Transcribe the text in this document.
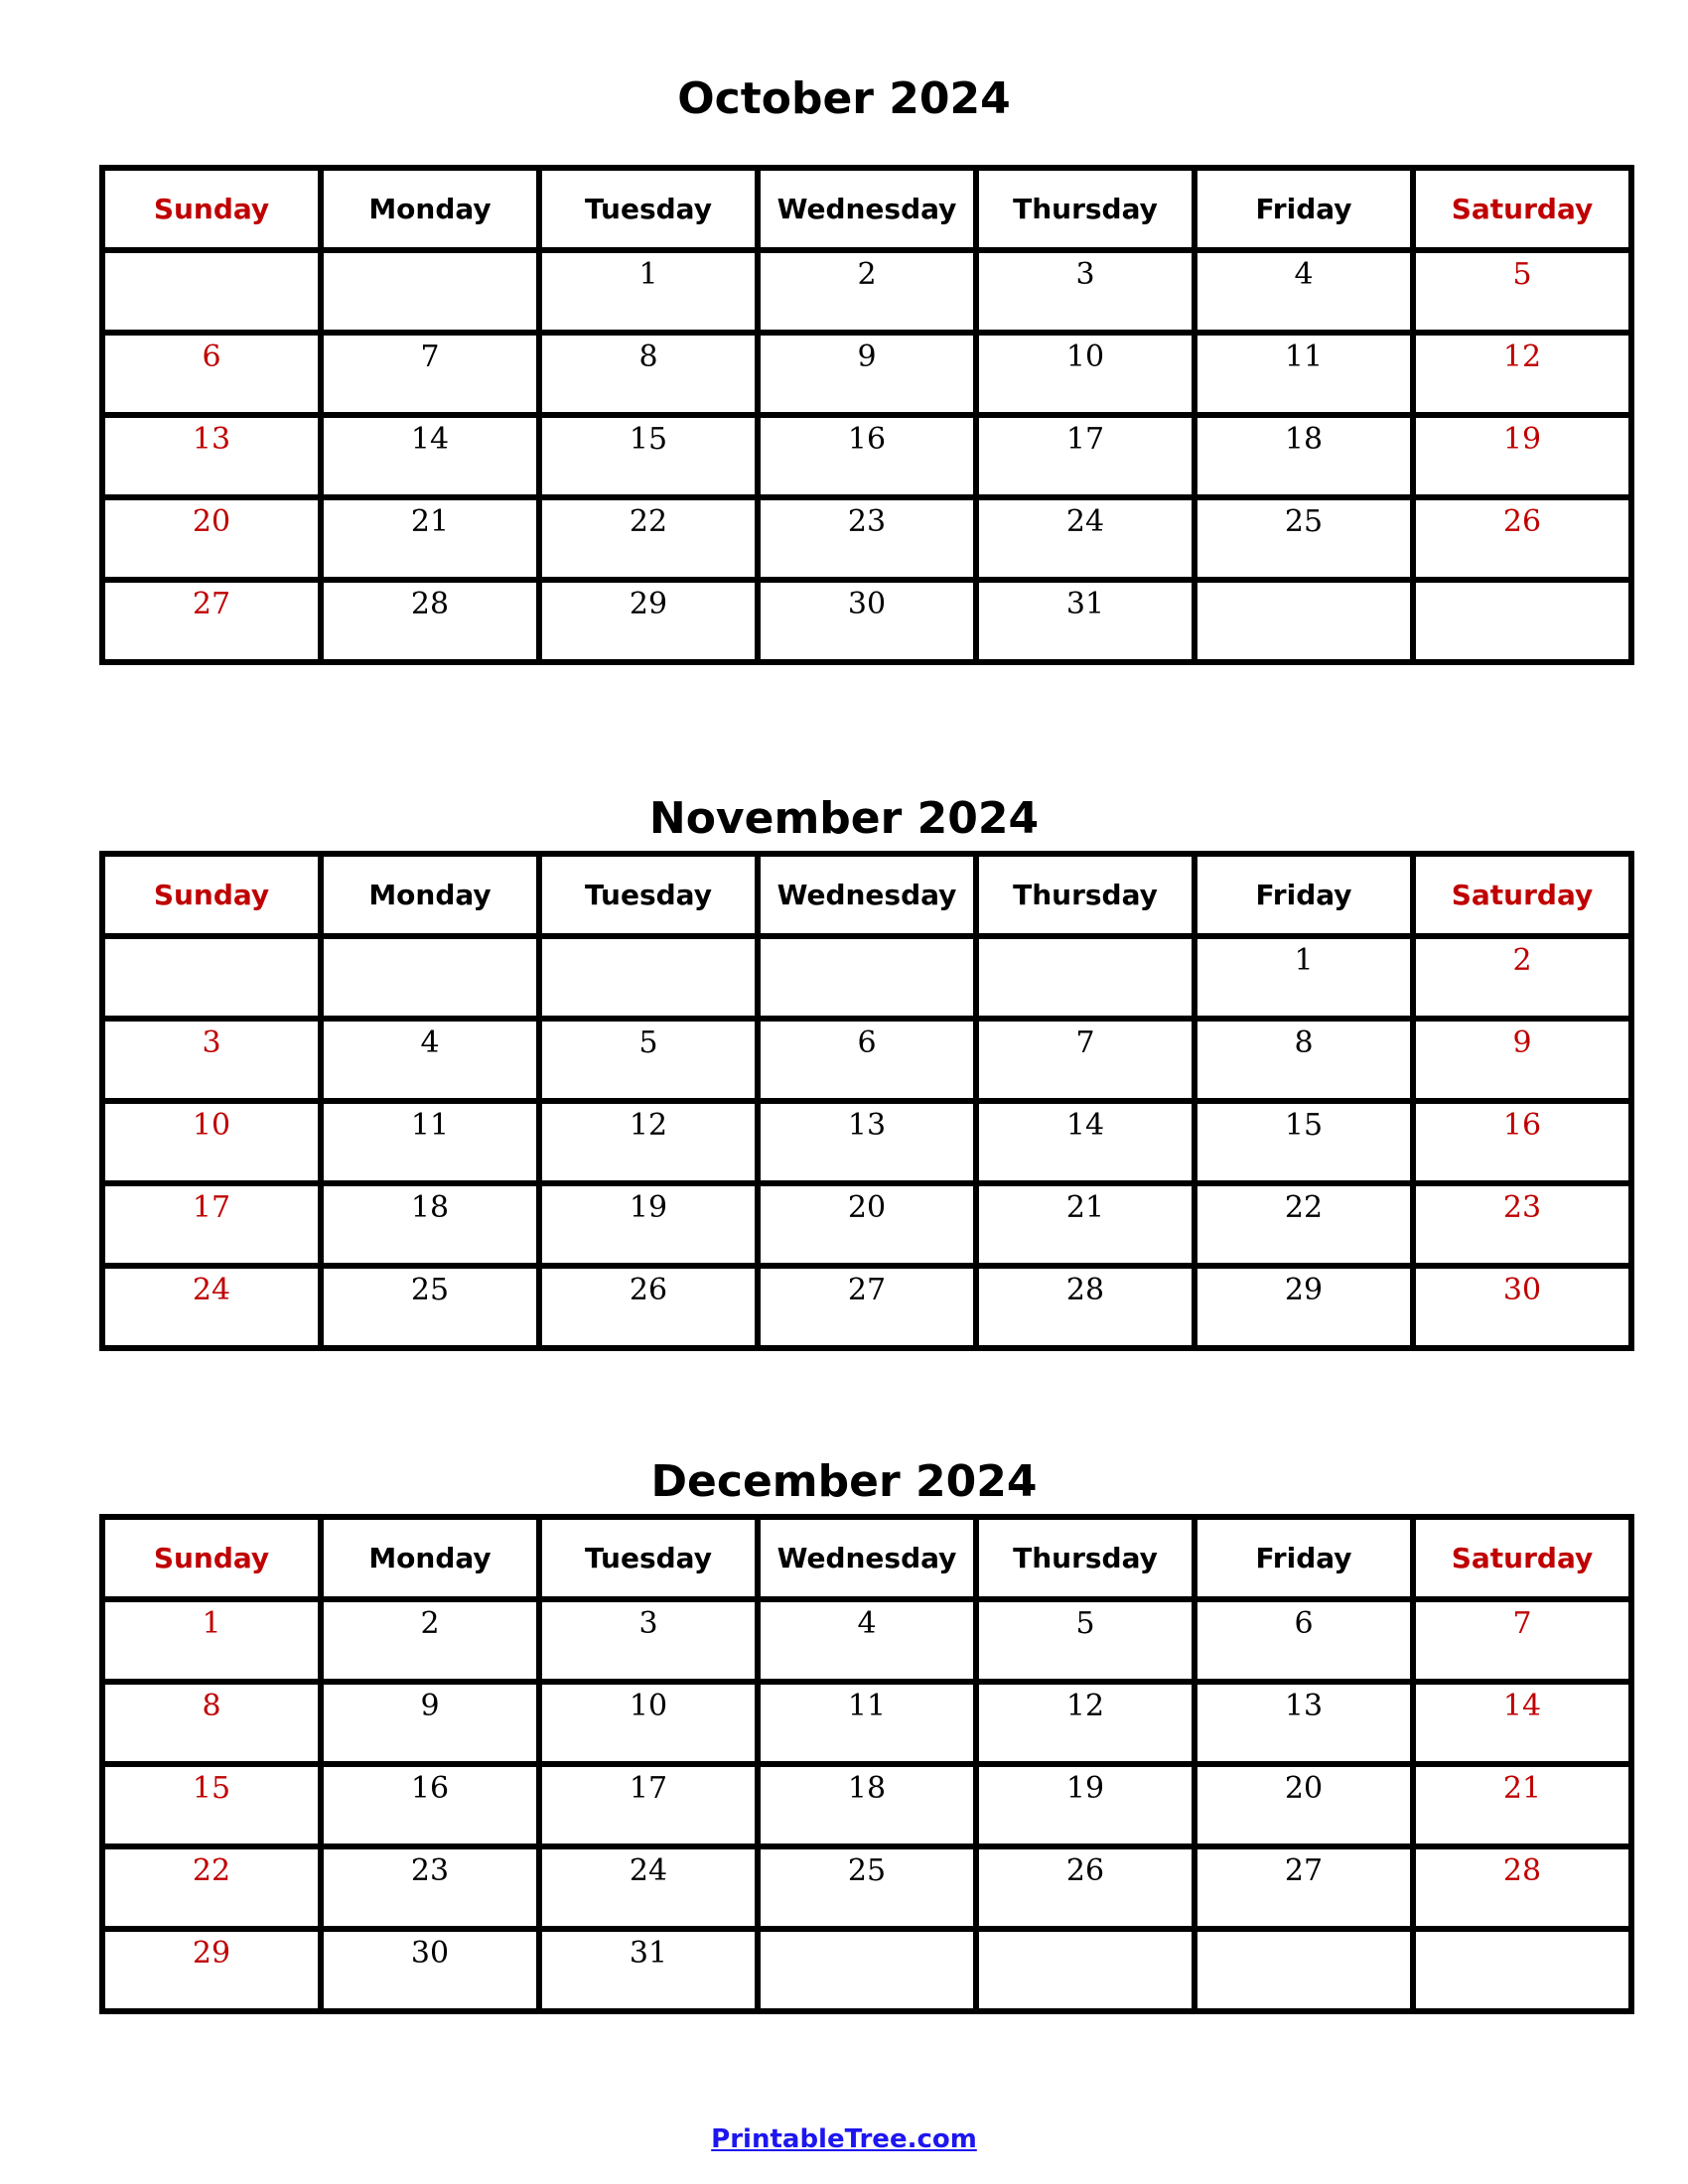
October 2024
Sunday	Monday	Tuesday	Wednesday	Thursday	Friday	Saturday

		1	2	3	4	5

6	7	8	9	10	11	12

13	14	15	16	17	18	19

20	21	22	23	24	25	26

27	28	29	30	31		

November 2024
Sunday	Monday	Tuesday	Wednesday	Thursday	Friday	Saturday

					1	2

3	4	5	6	7	8	9

10	11	12	13	14	15	16

17	18	19	20	21	22	23

24	25	26	27	28	29	30
December 2024
Sunday	Monday	Tuesday	Wednesday	Thursday	Friday	Saturday

1	2	3	4	5	6	7

8	9	10	11	12	13	14

15	16	17	18	19	20	21

22	23	24	25	26	27	28

29	30	31				

PrintableTree.com
